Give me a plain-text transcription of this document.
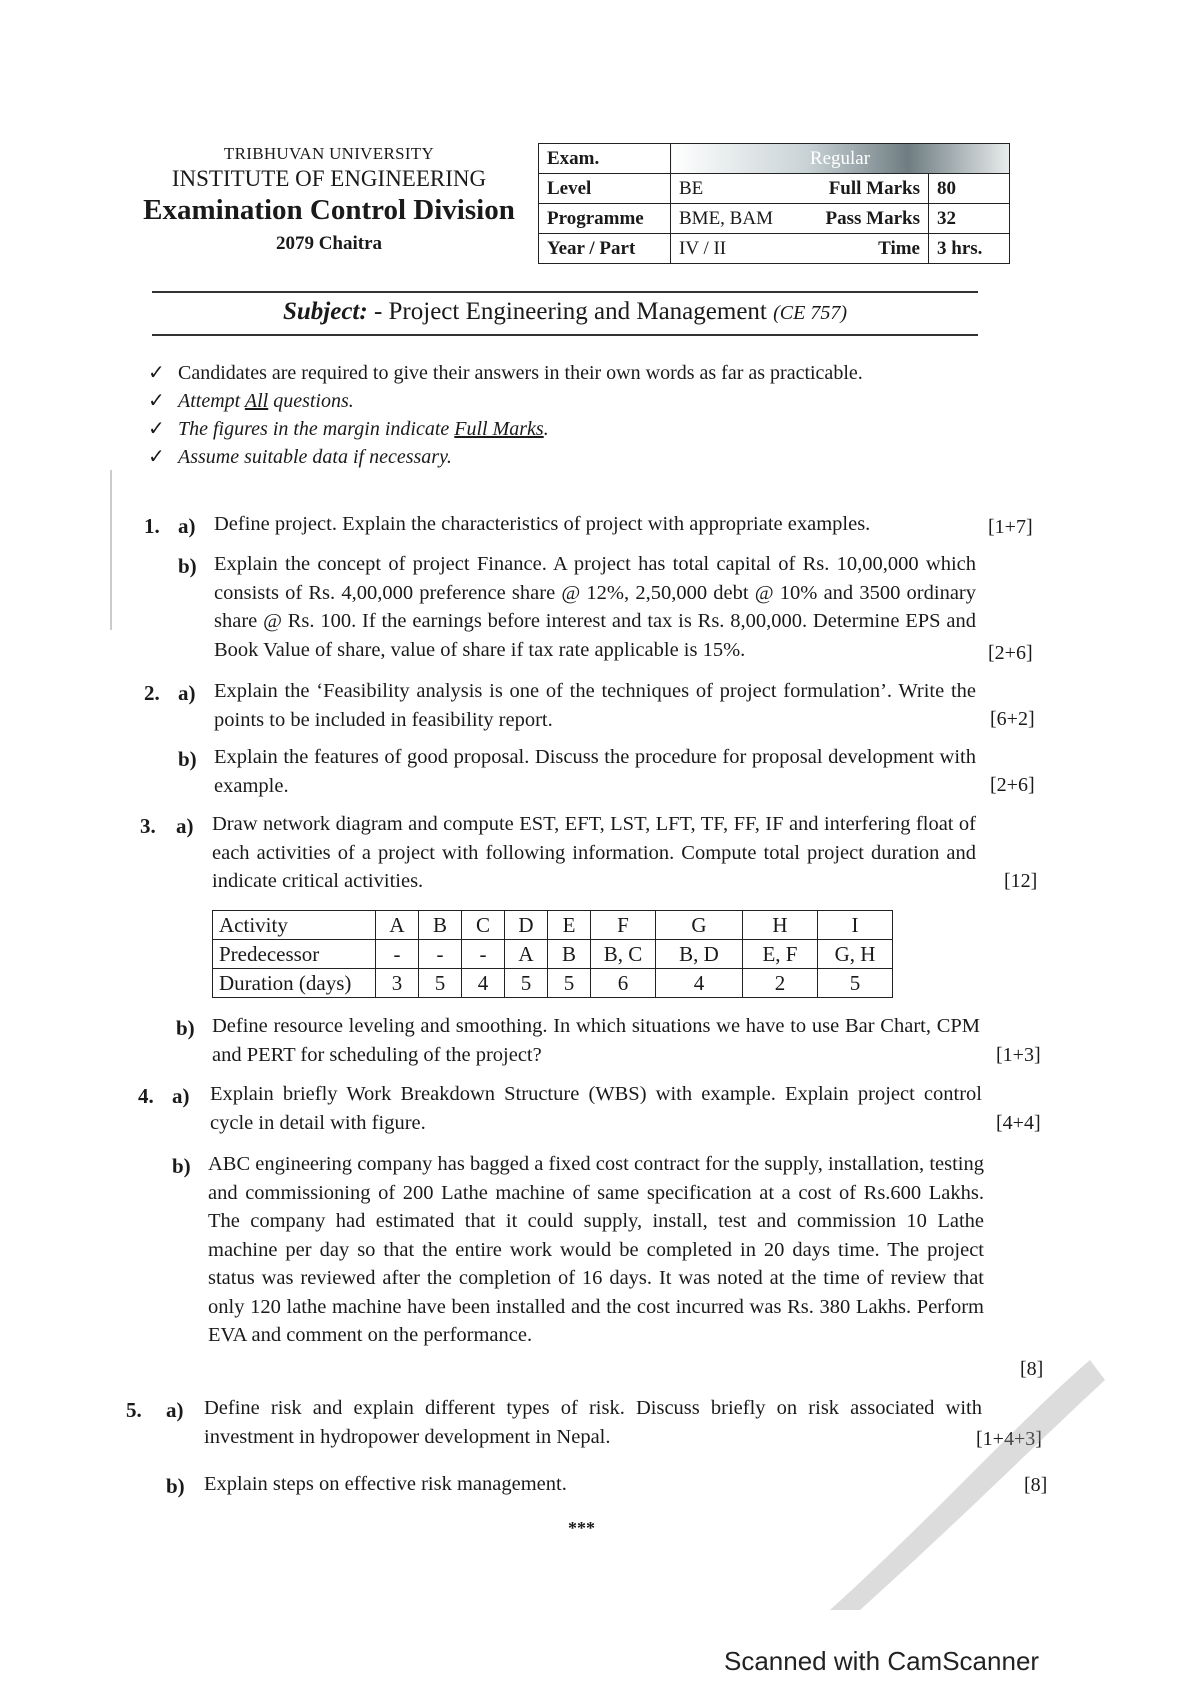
TRIBHUVAN UNIVERSITY
INSTITUTE OF ENGINEERING
Examination Control Division
2079 Chaitra
Exam.	Regular		
Level	BE	Full Marks	80
Programme	BME, BAM	Pass Marks	32
Year / Part	IV / II	Time	3 hrs.
Subject: - Project Engineering and Management (CE 757)
✓ Candidates are required to give their answers in their own words as far as practicable.
✓ Attempt All questions.
✓ The figures in the margin indicate Full Marks.
✓ Assume suitable data if necessary.
1. a) Define project. Explain the characteristics of project with appropriate examples.	[1+7]
b) Explain the concept of project Finance. A project has total capital of Rs. 10,00,000 which consists of Rs. 4,00,000 preference share @ 12%, 2,50,000 debt @ 10% and 3500 ordinary share @ Rs. 100. If the earnings before interest and tax is Rs. 8,00,000. Determine EPS and Book Value of share, value of share if tax rate applicable is 15%.	[2+6]
2. a) Explain the ‘Feasibility analysis is one of the techniques of project formulation’. Write the points to be included in feasibility report.	[6+2]
b) Explain the features of good proposal. Discuss the procedure for proposal development with example.	[2+6]
3. a) Draw network diagram and compute EST, EFT, LST, LFT, TF, FF, IF and interfering float of each activities of a project with following information. Compute total project duration and indicate critical activities.	[12]
Activity	A	B	C	D	E	F	G	H	I
Predecessor	-	-	-	A	B	B, C	B, D	E, F	G, H
Duration (days)	3	5	4	5	5	6	4	2	5
b) Define resource leveling and smoothing. In which situations we have to use Bar Chart, CPM and PERT for scheduling of the project?	[1+3]
4. a) Explain briefly Work Breakdown Structure (WBS) with example. Explain project control cycle in detail with figure.	[4+4]
b) ABC engineering company has bagged a fixed cost contract for the supply, installation, testing and commissioning of 200 Lathe machine of same specification at a cost of Rs.600 Lakhs. The company had estimated that it could supply, install, test and commission 10 Lathe machine per day so that the entire work would be completed in 20 days time. The project status was reviewed after the completion of 16 days. It was noted at the time of review that only 120 lathe machine have been installed and the cost incurred was Rs. 380 Lakhs. Perform EVA and comment on the performance.
[8]
5. a) Define risk and explain different types of risk. Discuss briefly on risk associated with investment in hydropower development in Nepal.	[1+4+3]
b) Explain steps on effective risk management.	[8]
***
Scanned with CamScanner
